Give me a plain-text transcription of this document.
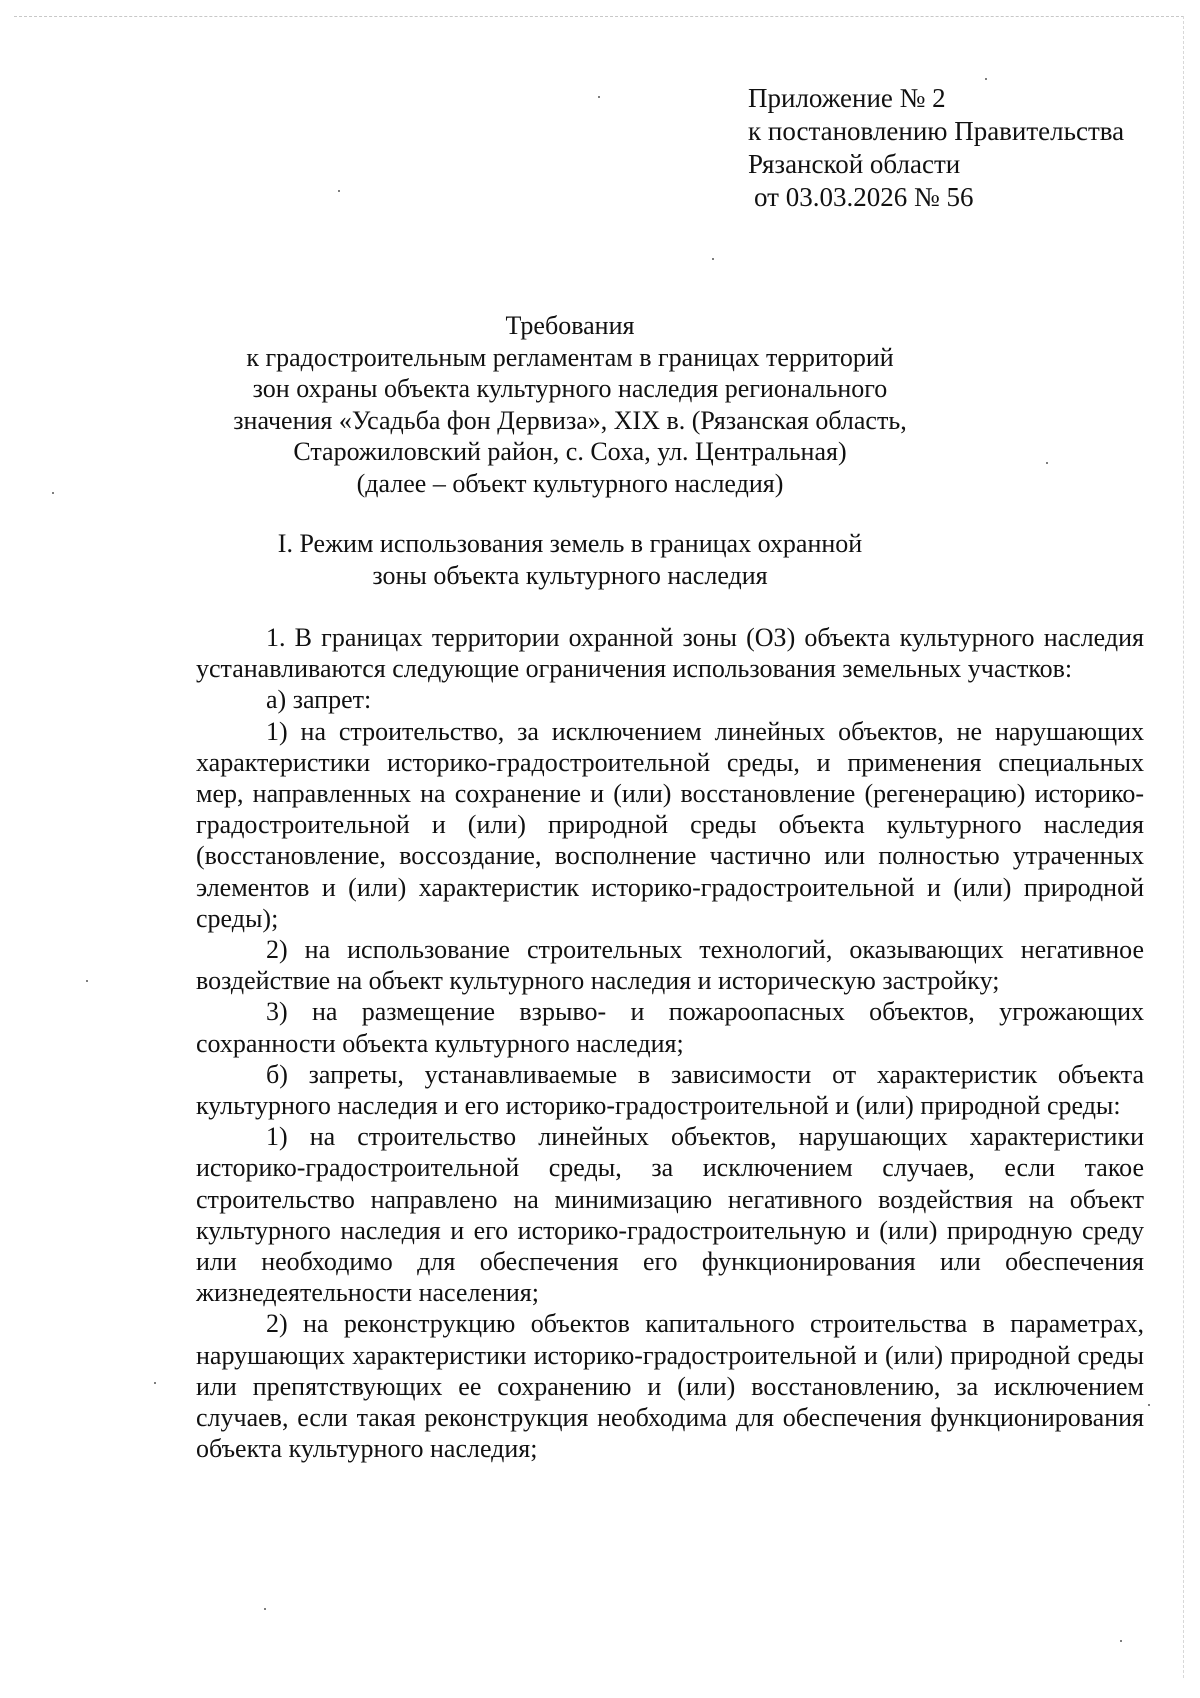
Приложение № 2
к постановлению Правительства
Рязанской области
от 03.03.2026 № 56
Требования
к градостроительным регламентам в границах территорий
зон охраны объекта культурного наследия регионального
значения «Усадьба фон Дервиза», XIX в. (Рязанская область,
Старожиловский район, с. Соха, ул. Центральная)
(далее – объект культурного наследия)
I. Режим использования земель в границах охранной
зоны объекта культурного наследия

1. В границах территории охранной зоны (ОЗ) объекта культурного наследия устанавливаются следующие ограничения использования земельных участков:

а) запрет:

1) на строительство, за исключением линейных объектов, не нарушающих характеристики историко-градостроительной среды, и применения специальных мер, направленных на сохранение и (или) восстановление (регенерацию) историко-градостроительной и (или) природной среды объекта культурного наследия (восстановление, воссоздание, восполнение частично или полностью утраченных элементов и (или) характеристик историко-градостроительной и (или) природной среды);

2) на использование строительных технологий, оказывающих негативное воздействие на объект культурного наследия и историческую застройку;

3) на размещение взрыво- и пожароопасных объектов, угрожающих сохранности объекта культурного наследия;

б) запреты, устанавливаемые в зависимости от характеристик объекта культурного наследия и его историко-градостроительной и (или) природной среды:

1) на строительство линейных объектов, нарушающих характеристики историко-градостроительной среды, за исключением случаев, если такое строительство направлено на минимизацию негативного воздействия на объект культурного наследия и его историко-градостроительную и (или) природную среду или необходимо для обеспечения его функционирования или обеспечения жизнедеятельности населения;

2) на реконструкцию объектов капитального строительства в параметрах, нарушающих характеристики историко-градостроительной и (или) природной среды или препятствующих ее сохранению и (или) восстановлению, за исключением случаев, если такая реконструкция необходима для обеспечения функционирования объекта культурного наследия;
